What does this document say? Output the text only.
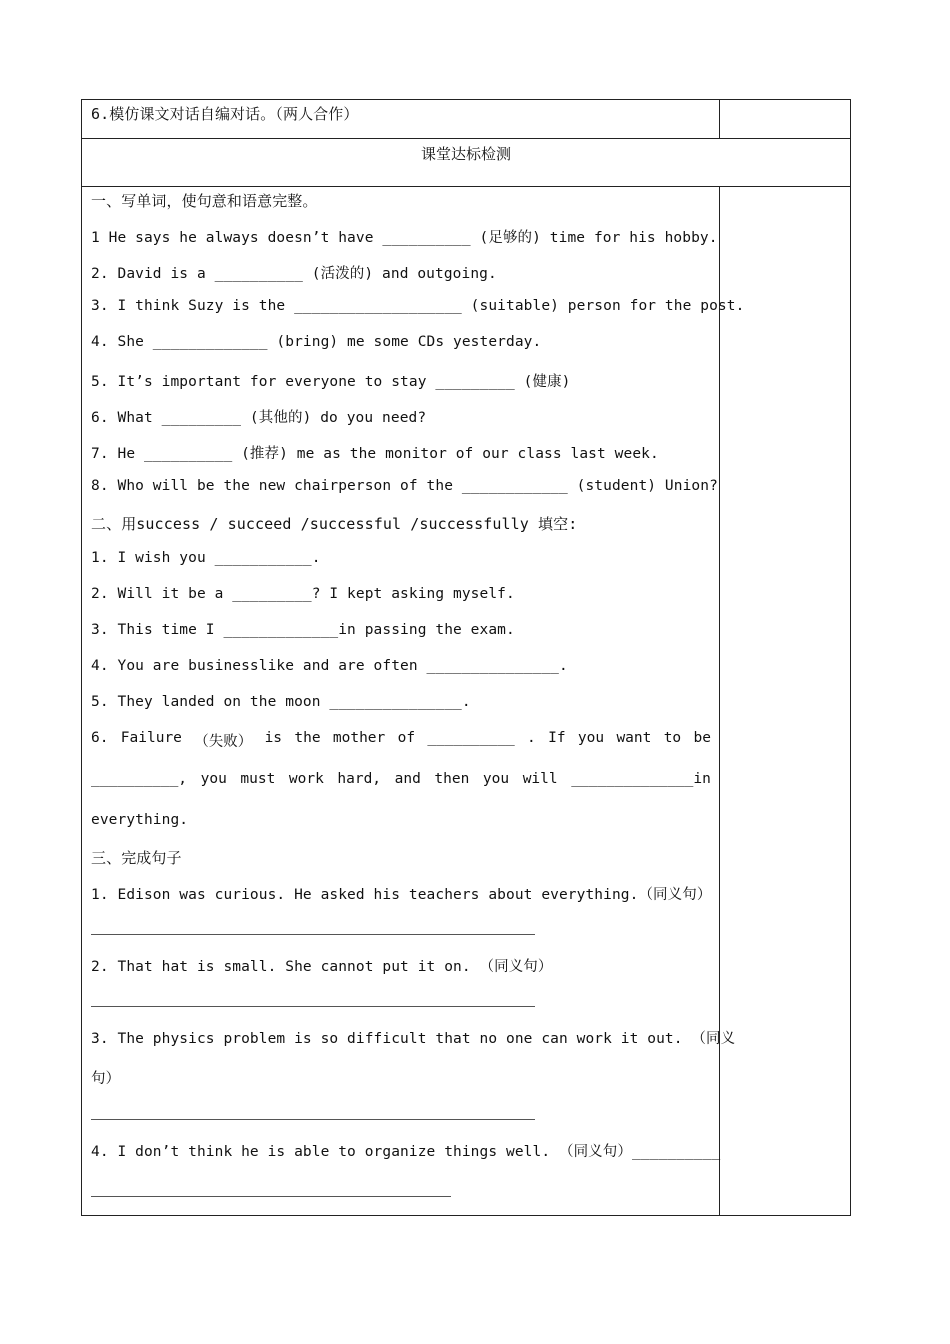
6.模仿课文对话自编对话。（两人合作）
课堂达标检测
一、写单词，使句意和语意完整。
1 He says he always doesn’t have __________ (足够的) time for his hobby.
2. David is a __________ (活泼的) and outgoing.
3. I think Suzy is the ___________________ (suitable) person for the post.
4. She _____________ (bring) me some CDs yesterday.
5. It’s important for everyone to stay _________ (健康)
6. What _________ (其他的) do you need?
7. He __________ (推荐) me as the monitor of our class last week.
8. Who will be the new chairperson of the ____________ (student) Union?
二、用success / succeed /successful /successfully 填空:
1. I wish you ___________.
2. Will it be a _________? I kept asking myself.
3. This time I _____________in passing the exam.
4. You are businesslike and are often _______________.
5. They landed on the moon _______________.
6. Failure （失败） is the mother of __________ . If you want to be
__________, you must work hard, and then you will ______________in
everything.
三、完成句子
1. Edison was curious. He asked his teachers about everything.（同义句）
2. That hat is small. She cannot put it on. （同义句）
3. The physics problem is so difficult that no one can work it out. （同义
句）
4. I don’t think he is able to organize things well. （同义句）__________
